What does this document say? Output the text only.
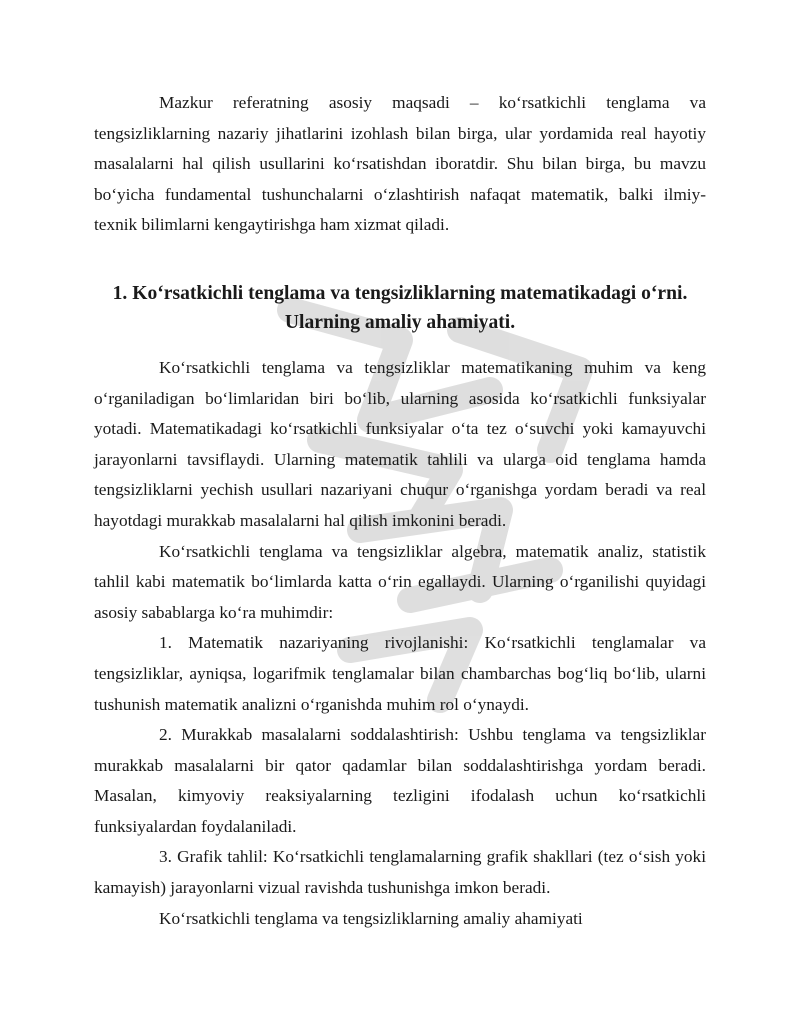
Mazkur referatning asosiy maqsadi – ko‘rsatkichli tenglama va tengsizliklarning nazariy jihatlarini izohlash bilan birga, ular yordamida real hayotiy masalalarni hal qilish usullarini ko‘rsatishdan iboratdir. Shu bilan birga, bu mavzu bo‘yicha fundamental tushunchalarni o‘zlashtirish nafaqat matematik, balki ilmiy-texnik bilimlarni kengaytirishga ham xizmat qiladi.

1. Ko‘rsatkichli tenglama va tengsizliklarning matematikadagi o‘rni. Ularning amaliy ahamiyati.

Ko‘rsatkichli tenglama va tengsizliklar matematikaning muhim va keng o‘rganiladigan bo‘limlaridan biri bo‘lib, ularning asosida ko‘rsatkichli funksiyalar yotadi. Matematikadagi ko‘rsatkichli funksiyalar o‘ta tez o‘suvchi yoki kamayuvchi jarayonlarni tavsiflaydi. Ularning matematik tahlili va ularga oid tenglama hamda tengsizliklarni yechish usullari nazariyani chuqur o‘rganishga yordam beradi va real hayotdagi murakkab masalalarni hal qilish imkonini beradi.

Ko‘rsatkichli tenglama va tengsizliklar algebra, matematik analiz, statistik tahlil kabi matematik bo‘limlarda katta o‘rin egallaydi. Ularning o‘rganilishi quyidagi asosiy sabablarga ko‘ra muhimdir:

1. Matematik nazariyaning rivojlanishi: Ko‘rsatkichli tenglamalar va tengsizliklar, ayniqsa, logarifmik tenglamalar bilan chambarchas bog‘liq bo‘lib, ularni tushunish matematik analizni o‘rganishda muhim rol o‘ynaydi.

2. Murakkab masalalarni soddalashtirish: Ushbu tenglama va tengsizliklar murakkab masalalarni bir qator qadamlar bilan soddalashtirishga yordam beradi. Masalan, kimyoviy reaksiyalarning tezligini ifodalash uchun ko‘rsatkichli funksiyalardan foydalaniladi.

3. Grafik tahlil: Ko‘rsatkichli tenglamalarning grafik shakllari (tez o‘sish yoki kamayish) jarayonlarni vizual ravishda tushunishga imkon beradi.

Ko‘rsatkichli tenglama va tengsizliklarning amaliy ahamiyati
